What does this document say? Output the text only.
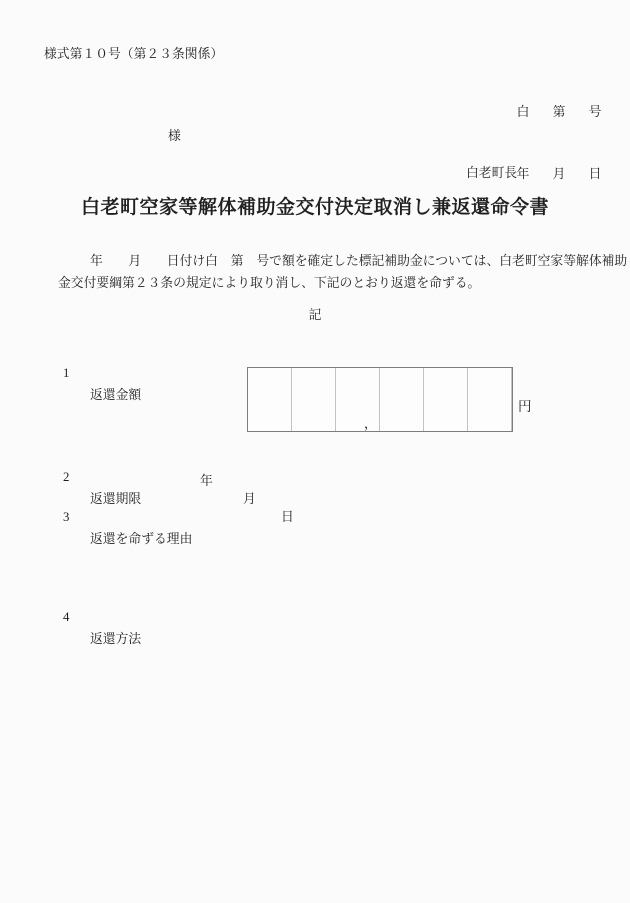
様式第１０号（第２３条関係）

白	第	号

年	月	日

様
白老町長
白老町空家等解体補助金交付決定取消し兼返還命令書
年　　月　　日付け白　第　号で額を確定した標記補助金については、白老町空家等解体補助
金交付要綱第２３条の規定により取り消し、下記のとおり返還を命ずる。
記

1

返還金額

，
円

2

返還期限

年

月

日

3

返還を命ずる理由

4

返還方法
